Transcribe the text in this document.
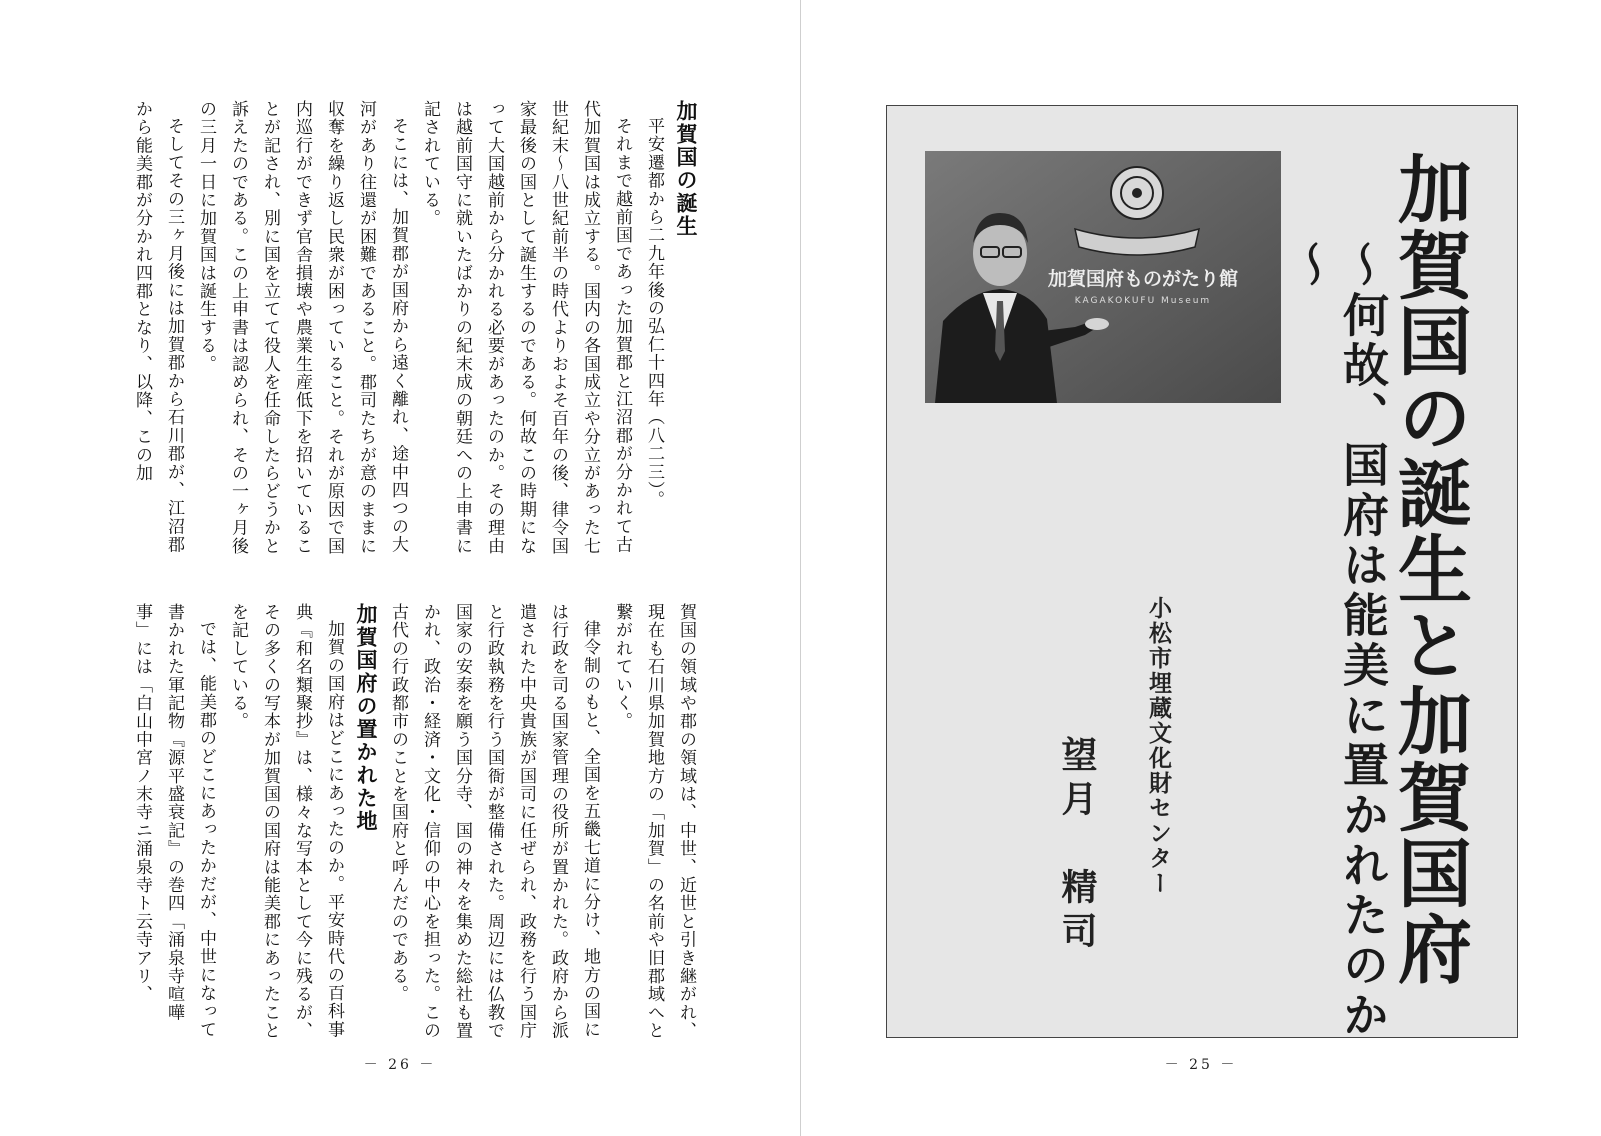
加賀国の誕生
平安遷都から二九年後の弘仁十四年（八二三）。
それまで越前国であった加賀郡と江沼郡が分かれて古代加賀国は成立する。国内の各国成立や分立があった七世紀末〜八世紀前半の時代よりおよそ百年の後、律令国家最後の国として誕生するのである。何故この時期になって大国越前から分かれる必要があったのか。その理由は越前国守に就いたばかりの紀末成の朝廷への上申書に記されている。
そこには、加賀郡が国府から遠く離れ、途中四つの大河があり往還が困難であること。郡司たちが意のままに収奪を繰り返し民衆が困っていること。それが原因で国内巡行ができず官舎損壊や農業生産低下を招いていることが記され、別に国を立てて役人を任命したらどうかと訴えたのである。この上申書は認められ、その一ヶ月後の三月一日に加賀国は誕生する。
そしてその三ヶ月後には加賀郡から石川郡が、江沼郡から能美郡が分かれ四郡となり、以降、この加
賀国の領域や郡の領域は、中世、近世と引き継がれ、現在も石川県加賀地方の「加賀」の名前や旧郡域へと繋がれていく。
律令制のもと、全国を五畿七道に分け、地方の国には行政を司る国家管理の役所が置かれた。政府から派遣された中央貴族が国司に任ぜられ、政務を行う国庁と行政執務を行う国衙が整備された。周辺には仏教で国家の安泰を願う国分寺、国の神々を集めた総社も置かれ、政治・経済・文化・信仰の中心を担った。この古代の行政都市のことを国府と呼んだのである。
加賀国府の置かれた地
加賀の国府はどこにあったのか。平安時代の百科事典『和名類聚抄』は、様々な写本として今に残るが、その多くの写本が加賀国の国府は能美郡にあったことを記している。
では、能美郡のどこにあったかだが、中世になって書かれた軍記物『源平盛衰記』の巻四「涌泉寺喧嘩事」には「白山中宮ノ末寺ニ涌泉寺ト云寺アリ、
－ 26 －
加賀国府ものがたり館
KAGAKOKUFU Museum 加賀国の誕生と加賀国府
～何故、国府は能美に置かれたのか～
小松市埋蔵文化財センター
望月　精司
－ 25 －
